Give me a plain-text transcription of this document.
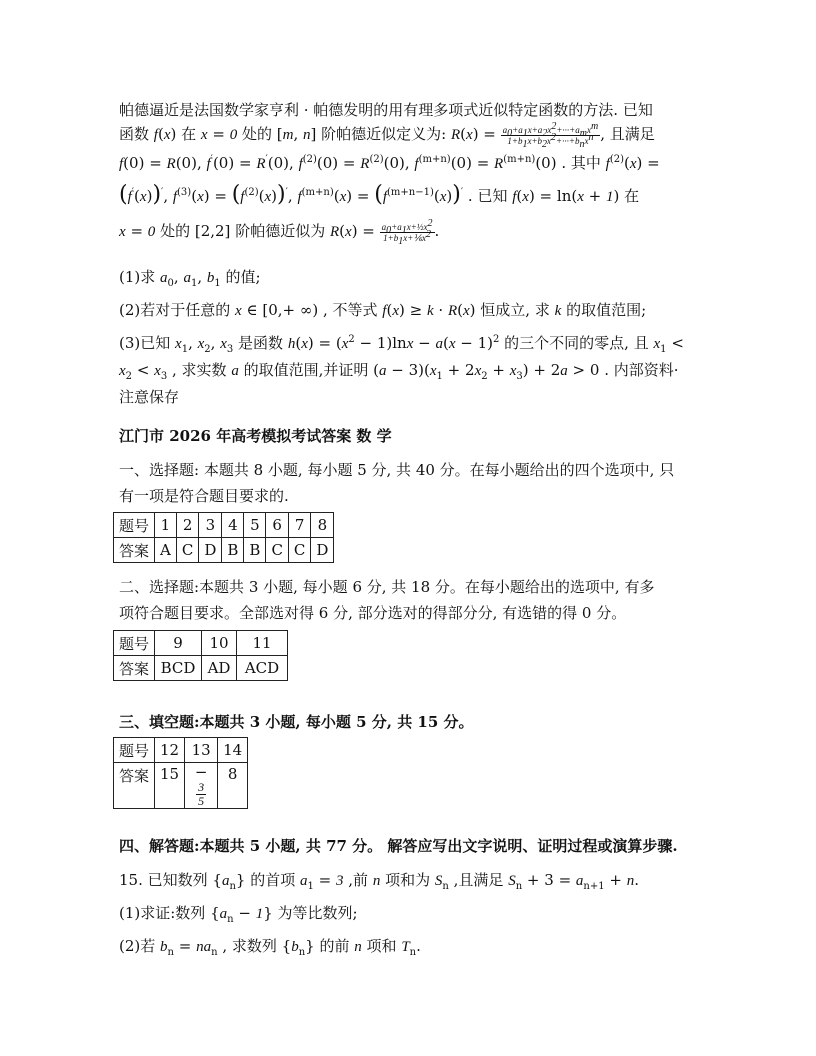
帕德逼近是法国数学家亨利 · 帕德发明的用有理多项式近似特定函数的方法. 已知

函数 f(x) 在 x = 0 处的 [m, n] 阶帕德近似定义为: $R(x) = \frac{a_0+a_1x+a_2x^2+\cdot\cdot\cdot+a_mx^m}{1+b_1x+b_2x^2+\cdot\cdot\cdot+b_nx^n}$ , 且满足

f(0) = R(0), f′(0) = R′(0), $f^{(2)}(0) = R^{(2)}(0)$, $f^{(m+n)}(0) = R^{(m+n)}(0)$ . 其中 $f^{(2)}(x)$ =

(f′(x))′, $f^{(3)}(x) = (f^{(2)}(x))'$, $f^{(m+n)}(x) = (f^{(m+n-1)}(x))'$ . 已知 f(x) = ln(x + 1) 在

x = 0 处的 [2,2] 阶帕德近似为 $R(x) = \frac{a_0+a_1x+\frac{1}{2}x^2}{1+b_1x+\frac{1}{6}x^2}$ .

(1)求 $a_0$, $a_1$, $b_1$ 的值;

(2)若对于任意的 x ∈ [0,+ ∞) , 不等式 f(x) ≥ k · R(x) 恒成立, 求 k 的取值范围;

(3)已知 $x_1$, $x_2$, $x_3$ 是函数 $h(x) = (x^2 - 1)\ln x - a(x - 1)^2$ 的三个不同的零点, 且 $x_1$ <
$x_2 < x_3$ , 求实数 a 的取值范围,并证明 $(a - 3)(x_1 + 2x_2 + x_3) + 2a > 0$ . 内部资料·
注意保存

江门市 2026 年高考模拟考试答案 数 学

一、选择题: 本题共 8 小题, 每小题 5 分, 共 40 分。在每小题给出的四个选项中, 只
有一项是符合题目要求的.

题号	1	2	3	4	5	6	7	8
答案	A	C	D	B	B	C	C	D

二、选择题:本题共 3 小题, 每小题 6 分, 共 18 分。在每小题给出的选项中, 有多
项符合题目要求。全部选对得 6 分, 部分选对的得部分分, 有选错的得 0 分。

题号	9	10	11
答案	BCD	AD	ACD

三、填空题:本题共 3 小题, 每小题 5 分, 共 15 分。

题号	12	13	14
答案	15	−
$\frac{3}{5}$	8

四、解答题:本题共 5 小题, 共 77 分。 解答应写出文字说明、证明过程或演算步骤.

15. 已知数列 $\{a_n\}$ 的首项 $a_1 = 3$ ,前 n 项和为 $S_n$ ,且满足 $S_n + 3 = a_{n+1} + n$.

(1)求证:数列 $\{a_n - 1\}$ 为等比数列;

(2)若 $b_n = na_n$ , 求数列 $\{b_n\}$ 的前 n 项和 $T_n$.
